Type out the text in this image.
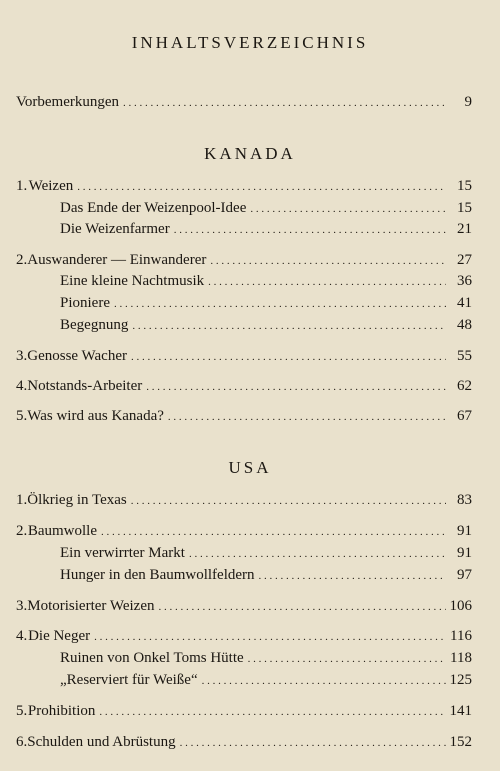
INHALTSVERZEICHNIS
Vorbemerkungen . . .	9
KANADA
1. Weizen . . .	15
Das Ende der Weizenpool-Idee . . .	15
Die Weizenfarmer . . .	21
2. Auswanderer — Einwanderer . . .	27
Eine kleine Nachtmusik . . .	36
Pioniere . . .	41
Begegnung . . .	48
3. Genosse Wacher . . .	55
4. Notstands-Arbeiter . . .	62
5. Was wird aus Kanada? . . .	67
USA
1. Ölkrieg in Texas . . .	83
2. Baumwolle . . .	91
Ein verwirrter Markt . . .	91
Hunger in den Baumwollfeldern . . .	97
3. Motorisierter Weizen . . .	106
4. Die Neger . . .	116
Ruinen von Onkel Toms Hütte . . .	118
„Reserviert für Weiße“ . . .	125
5. Prohibition . . .	141
6. Schulden und Abrüstung . . .	152
